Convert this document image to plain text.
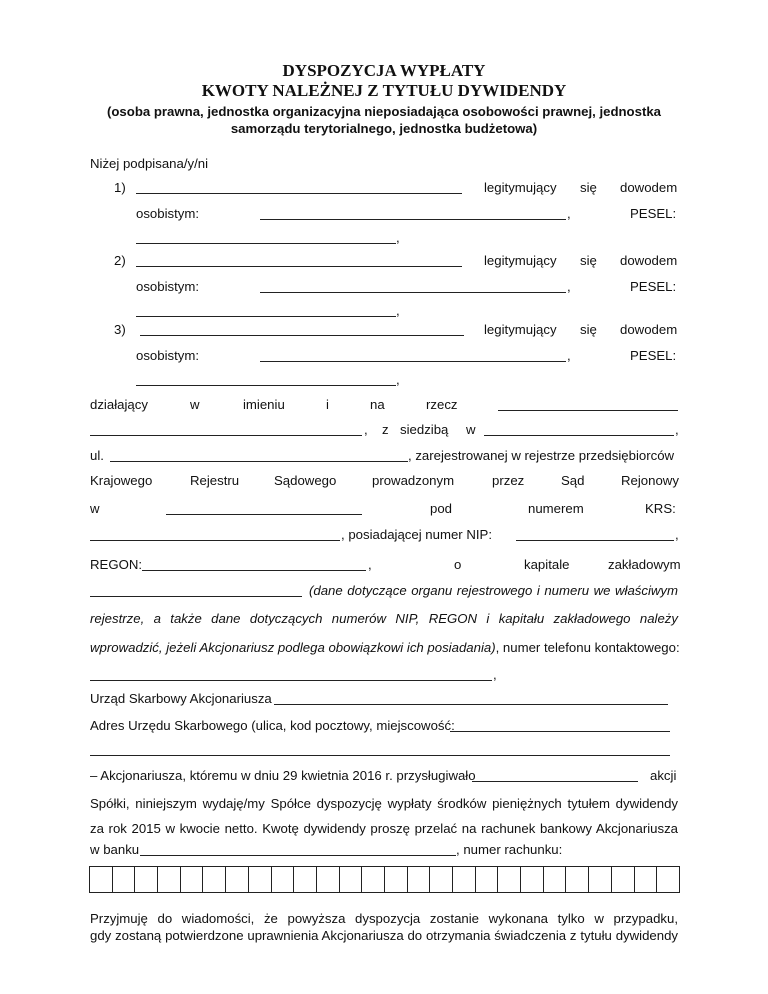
DYSPOZYCJA WYPŁATY
KWOTY NALEŻNEJ Z TYTUŁU DYWIDENDY
(osoba prawna, jednostka organizacyjna nieposiadająca osobowości prawnej, jednostka
samorządu terytorialnego, jednostka budżetowa)
Niżej podpisana/y/ni
1)	legitymujący się dowodem
osobistym:	,	PESEL:
,
2)	legitymujący się dowodem
osobistym:	,	PESEL:
,
3)	legitymujący się dowodem
osobistym:	,	PESEL:
,
działający	w	imieniu	i	na	rzecz
, z siedzibą w	,
ul.	, zarejestrowanej w rejestrze przedsiębiorców
Krajowego	Rejestru	Sądowego	prowadzonym	przez	Sąd	Rejonowy
w	pod	numerem	KRS:
, posiadającej numer NIP:	,
REGON:	,	o	kapitale	zakładowym
(dane dotyczące organu rejestrowego i numeru we właściwym
rejestrze, a także dane dotyczących numerów NIP, REGON i kapitału zakładowego należy
wprowadzić, jeżeli Akcjonariusz podlega obowiązkowi ich posiadania), numer telefonu kontaktowego:
,
Urząd Skarbowy Akcjonariusza
Adres Urzędu Skarbowego (ulica, kod pocztowy, miejscowość:
– Akcjonariusza, któremu w dniu 29 kwietnia 2016 r. przysługiwało	akcji
Spółki, niniejszym wydaję/my Spółce dyspozycję wypłaty środków pieniężnych tytułem dywidendy
za rok 2015 w kwocie netto. Kwotę dywidendy proszę przelać na rachunek bankowy Akcjonariusza
w banku	, numer rachunku:
Przyjmuję do wiadomości, że powyższa dyspozycja zostanie wykonana tylko w przypadku,
gdy zostaną potwierdzone uprawnienia Akcjonariusza do otrzymania świadczenia z tytułu dywidendy
